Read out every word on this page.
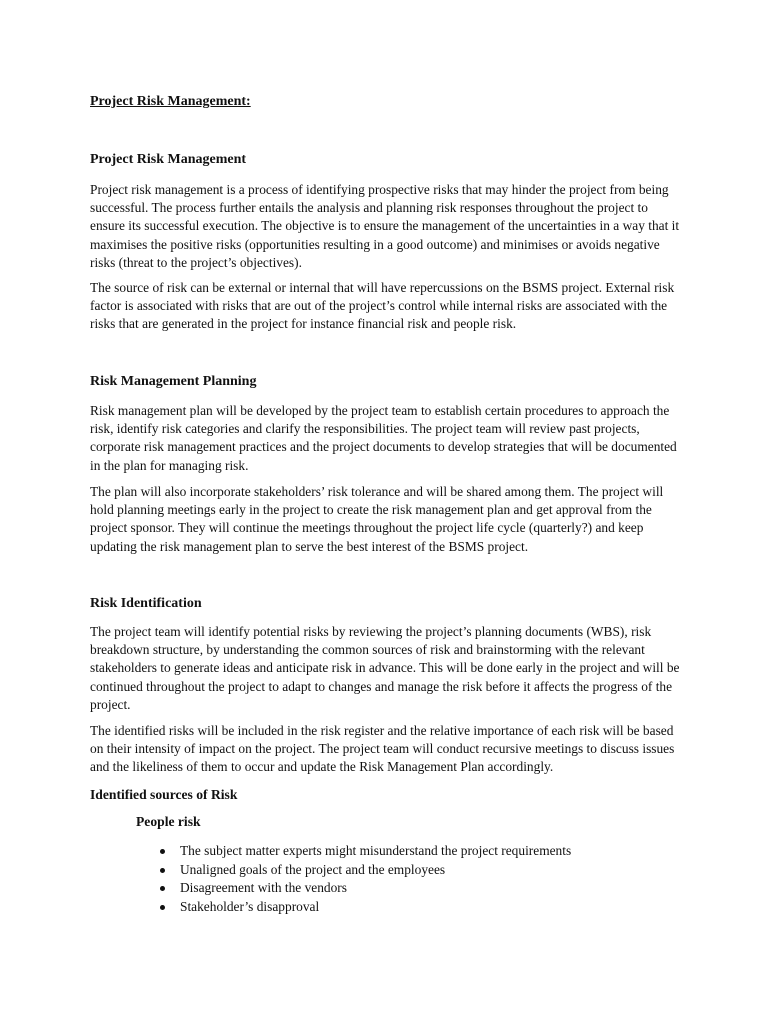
Project Risk Management:
Project Risk Management

Project risk management is a process of identifying prospective risks that may hinder the project from being successful. The process further entails the analysis and planning risk responses throughout the project to ensure its successful execution. The objective is to ensure the management of the uncertainties in a way that it maximises the positive risks (opportunities resulting in a good outcome) and minimises or avoids negative risks (threat to the project’s objectives).

The source of risk can be external or internal that will have repercussions on the BSMS project. External risk factor is associated with risks that are out of the project’s control while internal risks are associated with the risks that are generated in the project for instance financial risk and people risk.

Risk Management Planning

Risk management plan will be developed by the project team to establish certain procedures to approach the risk, identify risk categories and clarify the responsibilities. The project team will review past projects, corporate risk management practices and the project documents to develop strategies that will be documented in the plan for managing risk.

The plan will also incorporate stakeholders’ risk tolerance and will be shared among them. The project will hold planning meetings early in the project to create the risk management plan and get approval from the project sponsor. They will continue the meetings throughout the project life cycle (quarterly?) and keep updating the risk management plan to serve the best interest of the BSMS project.

Risk Identification

The project team will identify potential risks by reviewing the project’s planning documents (WBS), risk breakdown structure, by understanding the common sources of risk and brainstorming with the relevant stakeholders to generate ideas and anticipate risk in advance. This will be done early in the project and will be continued throughout the project to adapt to changes and manage the risk before it affects the progress of the project.

The identified risks will be included in the risk register and the relative importance of each risk will be based on their intensity of impact on the project. The project team will conduct recursive meetings to discuss issues and the likeliness of them to occur and update the Risk Management Plan accordingly.

Identified sources of Risk
People risk
The subject matter experts might misunderstand the project requirements
Unaligned goals of the project and the employees
Disagreement with the vendors
Stakeholder’s disapproval
